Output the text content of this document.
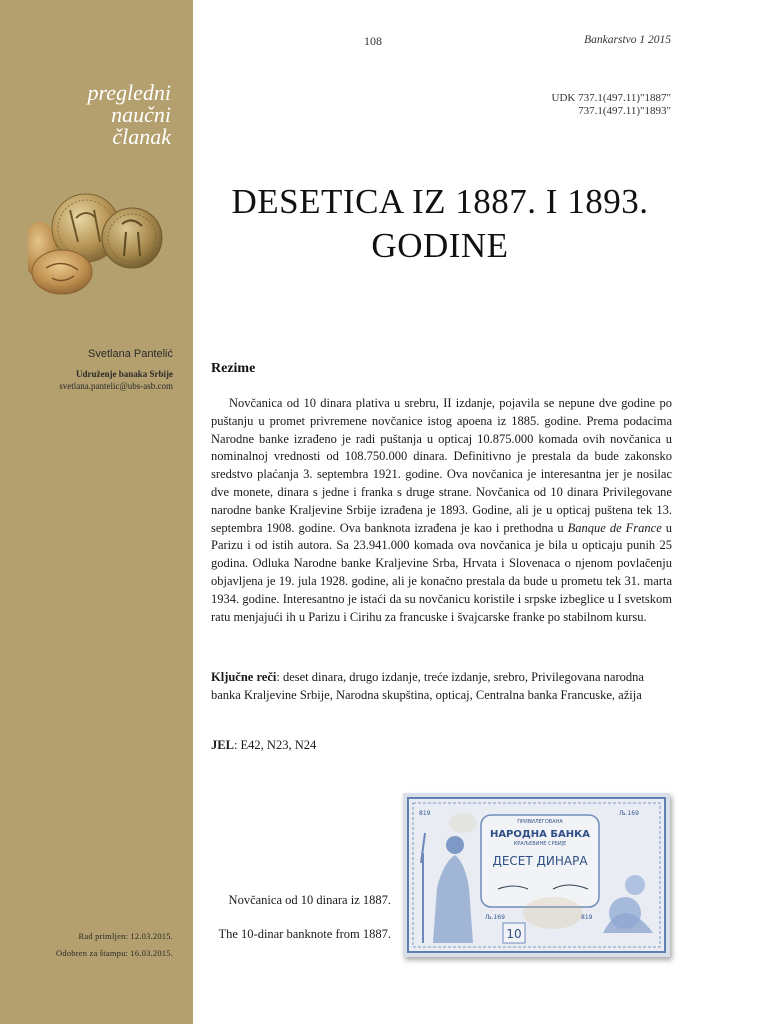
pregledni
naučni
članak
Svetlana Pantelić
Udruženje banaka Srbije
svetlana.pantelic@ubs-asb.com
Rad primljen: 12.03.2015.
Odobren za štampu: 16.03.2015.
108	Bankarstvo 1 2015
UDK 737.1(497.11)"1887"
737.1(497.11)"1893"
DESETICA IZ 1887. I 1893. GODINE
Rezime

Novčanica od 10 dinara plativa u srebru, II izdanje, pojavila se nepune dve godine po puštanju u promet privremene novčanice istog apoena iz 1885. godine. Prema podacima Narodne banke izrađeno je radi puštanja u opticaj 10.875.000 komada ovih novčanica u nominalnoj vrednosti od 108.750.000 dinara. Definitivno je prestala da bude zakonsko sredstvo plaćanja 3. septembra 1921. godine. Ova novčanica je interesantna jer je nosilac dve monete, dinara s jedne i franka s druge strane. Novčanica od 10 dinara Privilegovane narodne banke Kraljevine Srbije izrađena je 1893. Godine, ali je u opticaj puštena tek 13. septembra 1908. godine. Ova banknota izrađena je kao i prethodna u Banque de France u Parizu i od istih autora. Sa 23.941.000 komada ova novčanica je bila u opticaju punih 25 godina. Odluka Narodne banke Kraljevine Srba, Hrvata i Slovenaca o njenom povlačenju objavljena je 19. jula 1928. godine, ali je konačno prestala da bude u prometu tek 31. marta 1934. godine. Interesantno je istaći da su novčanicu koristile i srpske izbeglice u I svetskom ratu menjajući ih u Parizu i Cirihu za francuske i švajcarske franke po stabilnom kursu.

Ključne reči: deset dinara, drugo izdanje, treće izdanje, srebro, Privilegovana narodna banka Kraljevine Srbije, Narodna skupština, opticaj, Centralna banka Francuske, ažija

JEL: E42, N23, N24
ПРИВИЛЕГОВАНА
НАРОДНА БАНКА
КРАЉЕВИНЕ СРБИЈЕ
ДЕСЕТ ДИНАРА
819	Љ.169
Љ.169	819
10
Novčanica od 10 dinara iz 1887.
The 10-dinar banknote from 1887.
